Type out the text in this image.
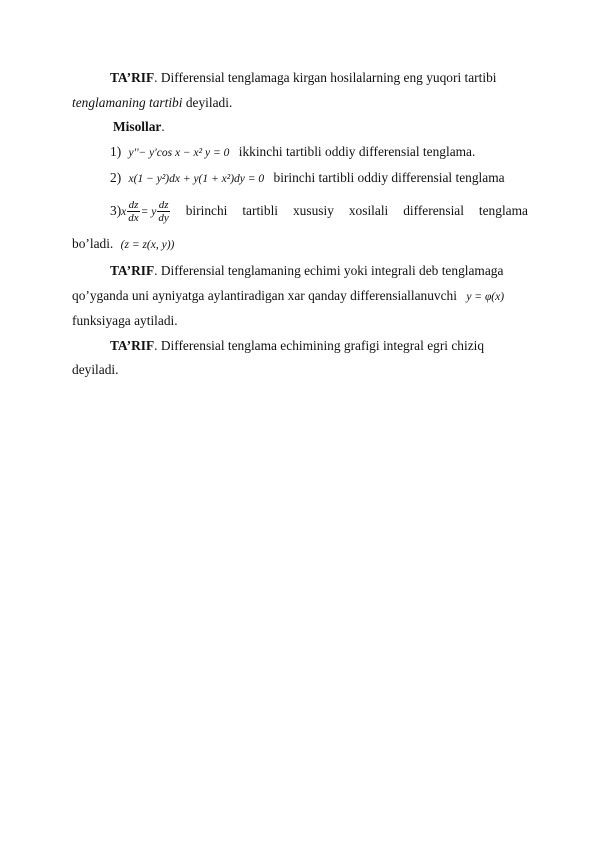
TA’RIF. Differensial tenglamaga kirgan hosilalarning eng yuqori tartibi
tenglamaning tartibi deyiladi.
Misollar.
1) y''− y'cos x − x² y = 0 ikkinchi tartibli oddiy differensial tenglama.
2) x(1 − y²)dx + y(1 + x²)dy = 0 birinchi tartibli oddiy differensial tenglama
$3)x \frac{dz}{dx} = y \frac{dz}{dy}$ birinchi tartibli xususiy xosilali differensial tenglama
bo’ladi. (z = z(x, y))
TA’RIF. Differensial tenglamaning echimi yoki integrali deb tenglamaga
qo’yganda uni ayniyatga aylantiradigan xar qanday differensiallanuvchi y = φ(x)
funksiyaga aytiladi.
TA’RIF. Differensial tenglama echimining grafigi integral egri chiziq
deyiladi.
